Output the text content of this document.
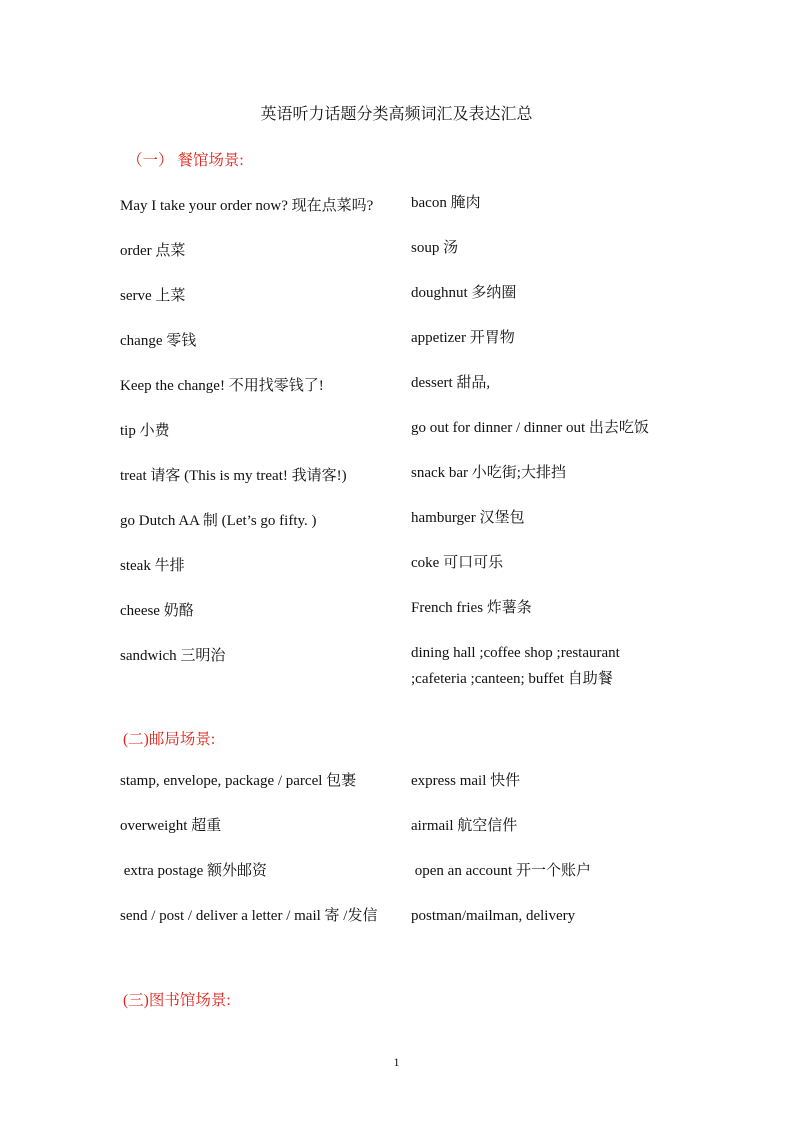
英语听力话题分类高频词汇及表达汇总
（一） 餐馆场景:

May I take your order now? 现在点菜吗?

order 点菜

serve 上菜

change 零钱

Keep the change! 不用找零钱了!

tip 小费

treat 请客 (This is my treat! 我请客!)

go Dutch AA 制 (Let’s go fifty. )

steak 牛排

cheese 奶酪

sandwich 三明治

bacon 腌肉

soup 汤

doughnut 多纳圈

appetizer 开胃物

dessert 甜品,

go out for dinner / dinner out 出去吃饭

snack bar 小吃街;大排挡

hamburger 汉堡包

coke 可口可乐

French fries 炸薯条

dining hall ;coffee shop ;restaurant ;cafeteria ;canteen; buffet 自助餐

(二)邮局场景:

stamp, envelope, package / parcel 包裹

overweight 超重

extra postage 额外邮资

send / post / deliver a letter / mail 寄 /发信

express mail 快件

airmail 航空信件

open an account 开一个账户

postman/mailman, delivery

(三)图书馆场景:
1
